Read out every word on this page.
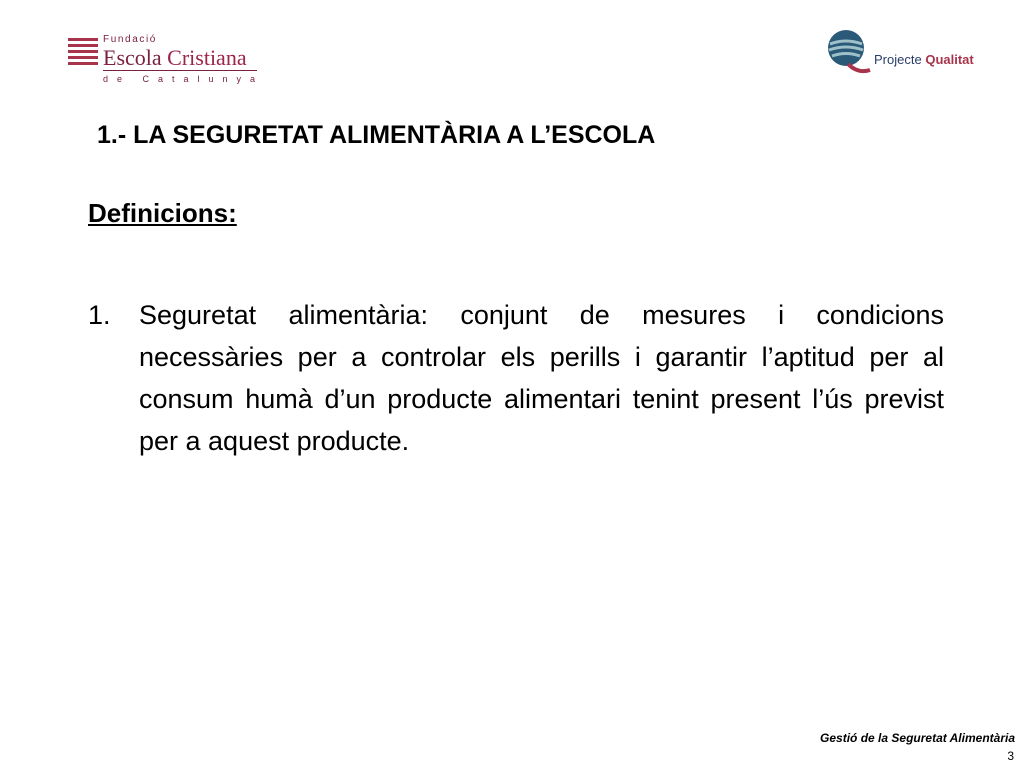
Fundació
Escola Cristiana
de Catalunya
Projecte Qualitat
1.- LA SEGURETAT ALIMENTÀRIA A L’ESCOLA
Definicions:
1. Seguretat alimentària: conjunt de mesures i condicions necessàries per a controlar els perills i garantir l’aptitud per al consum humà d’un producte alimentari tenint present l’ús previst per a aquest producte.

Gestió de la Seguretat Alimentària
3
